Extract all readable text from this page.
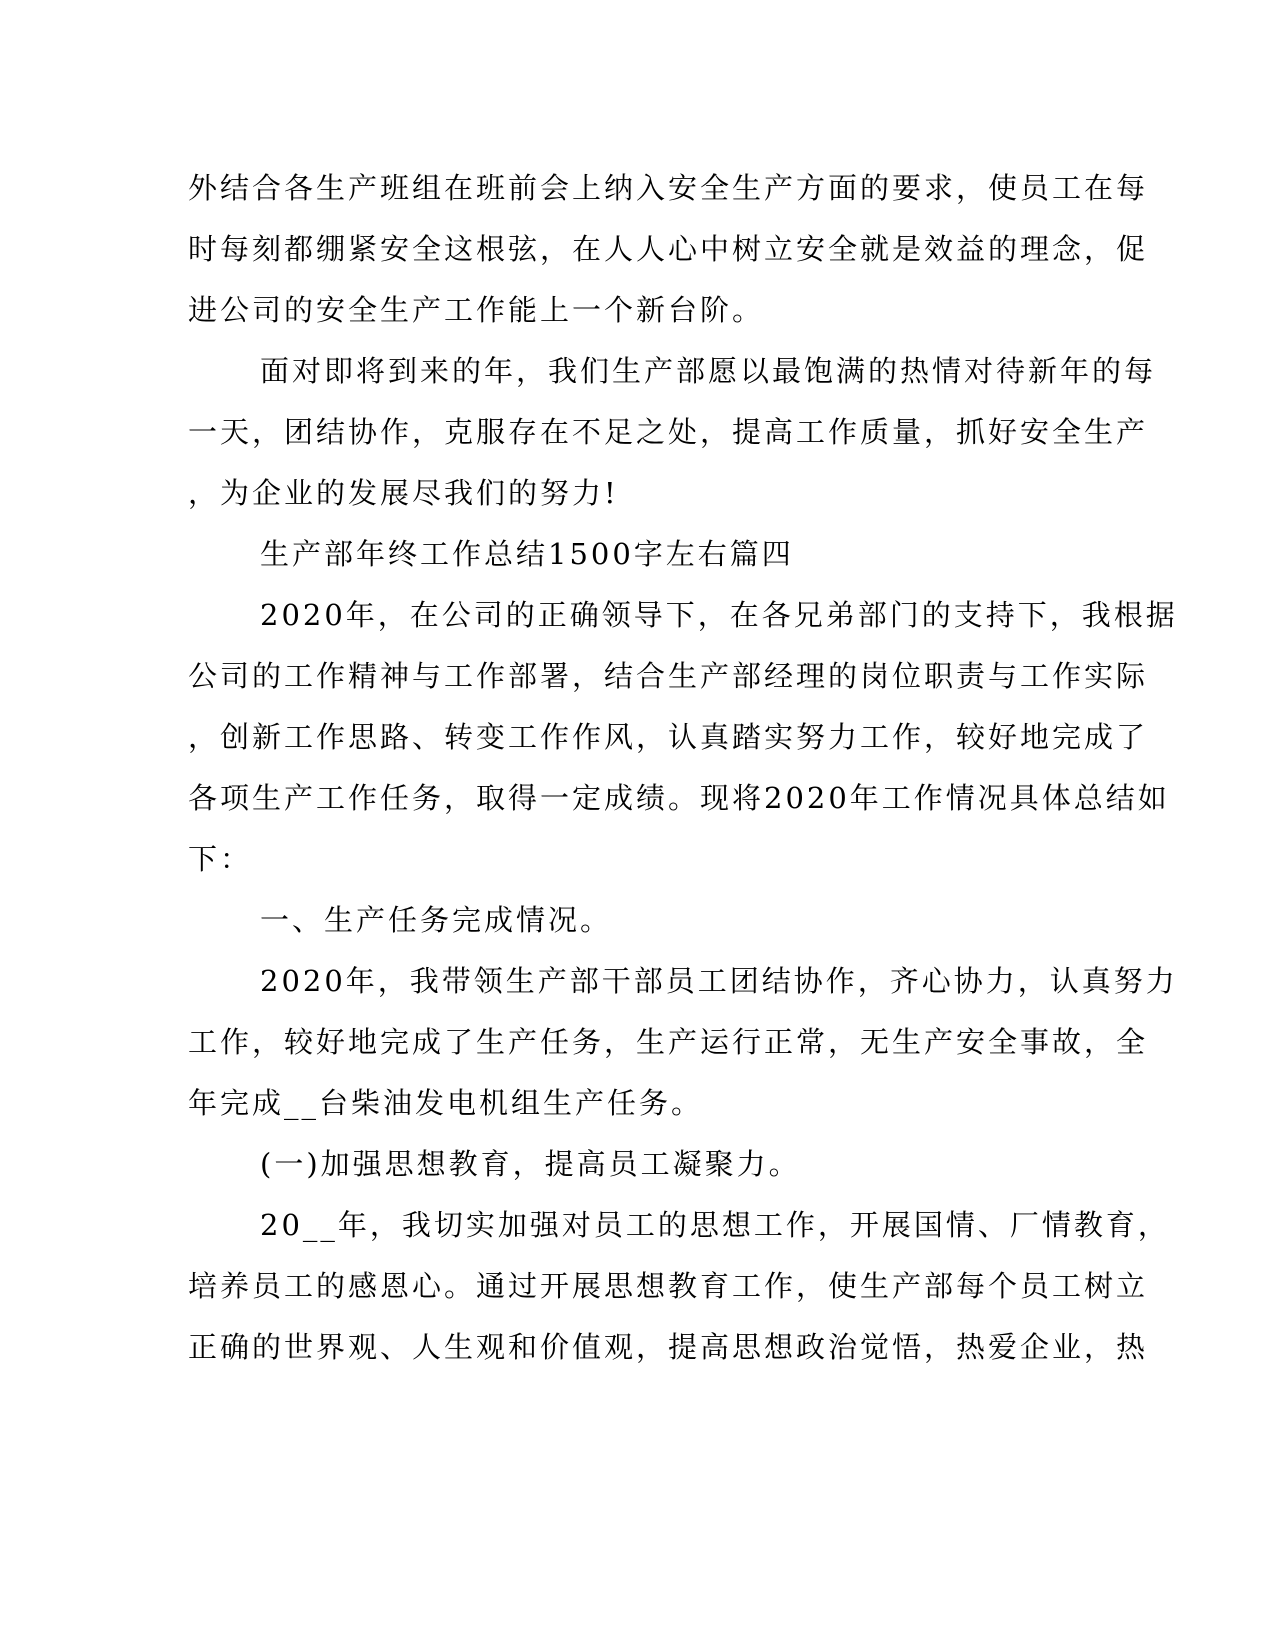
外结合各生产班组在班前会上纳入安全生产方面的要求，使员工在每
时每刻都绷紧安全这根弦，在人人心中树立安全就是效益的理念，促
进公司的安全生产工作能上一个新台阶。
面对即将到来的年，我们生产部愿以最饱满的热情对待新年的每
一天，团结协作，克服存在不足之处，提高工作质量，抓好安全生产
，为企业的发展尽我们的努力!
生产部年终工作总结1500字左右篇四
2020年，在公司的正确领导下，在各兄弟部门的支持下，我根据
公司的工作精神与工作部署，结合生产部经理的岗位职责与工作实际
，创新工作思路、转变工作作风，认真踏实努力工作，较好地完成了
各项生产工作任务，取得一定成绩。现将2020年工作情况具体总结如
下：
一、生产任务完成情况。
2020年，我带领生产部干部员工团结协作，齐心协力，认真努力
工作，较好地完成了生产任务，生产运行正常，无生产安全事故，全
年完成__台柴油发电机组生产任务。
(一)加强思想教育，提高员工凝聚力。
20__年，我切实加强对员工的思想工作，开展国情、厂情教育，
培养员工的感恩心。通过开展思想教育工作，使生产部每个员工树立
正确的世界观、人生观和价值观，提高思想政治觉悟，热爱企业，热
